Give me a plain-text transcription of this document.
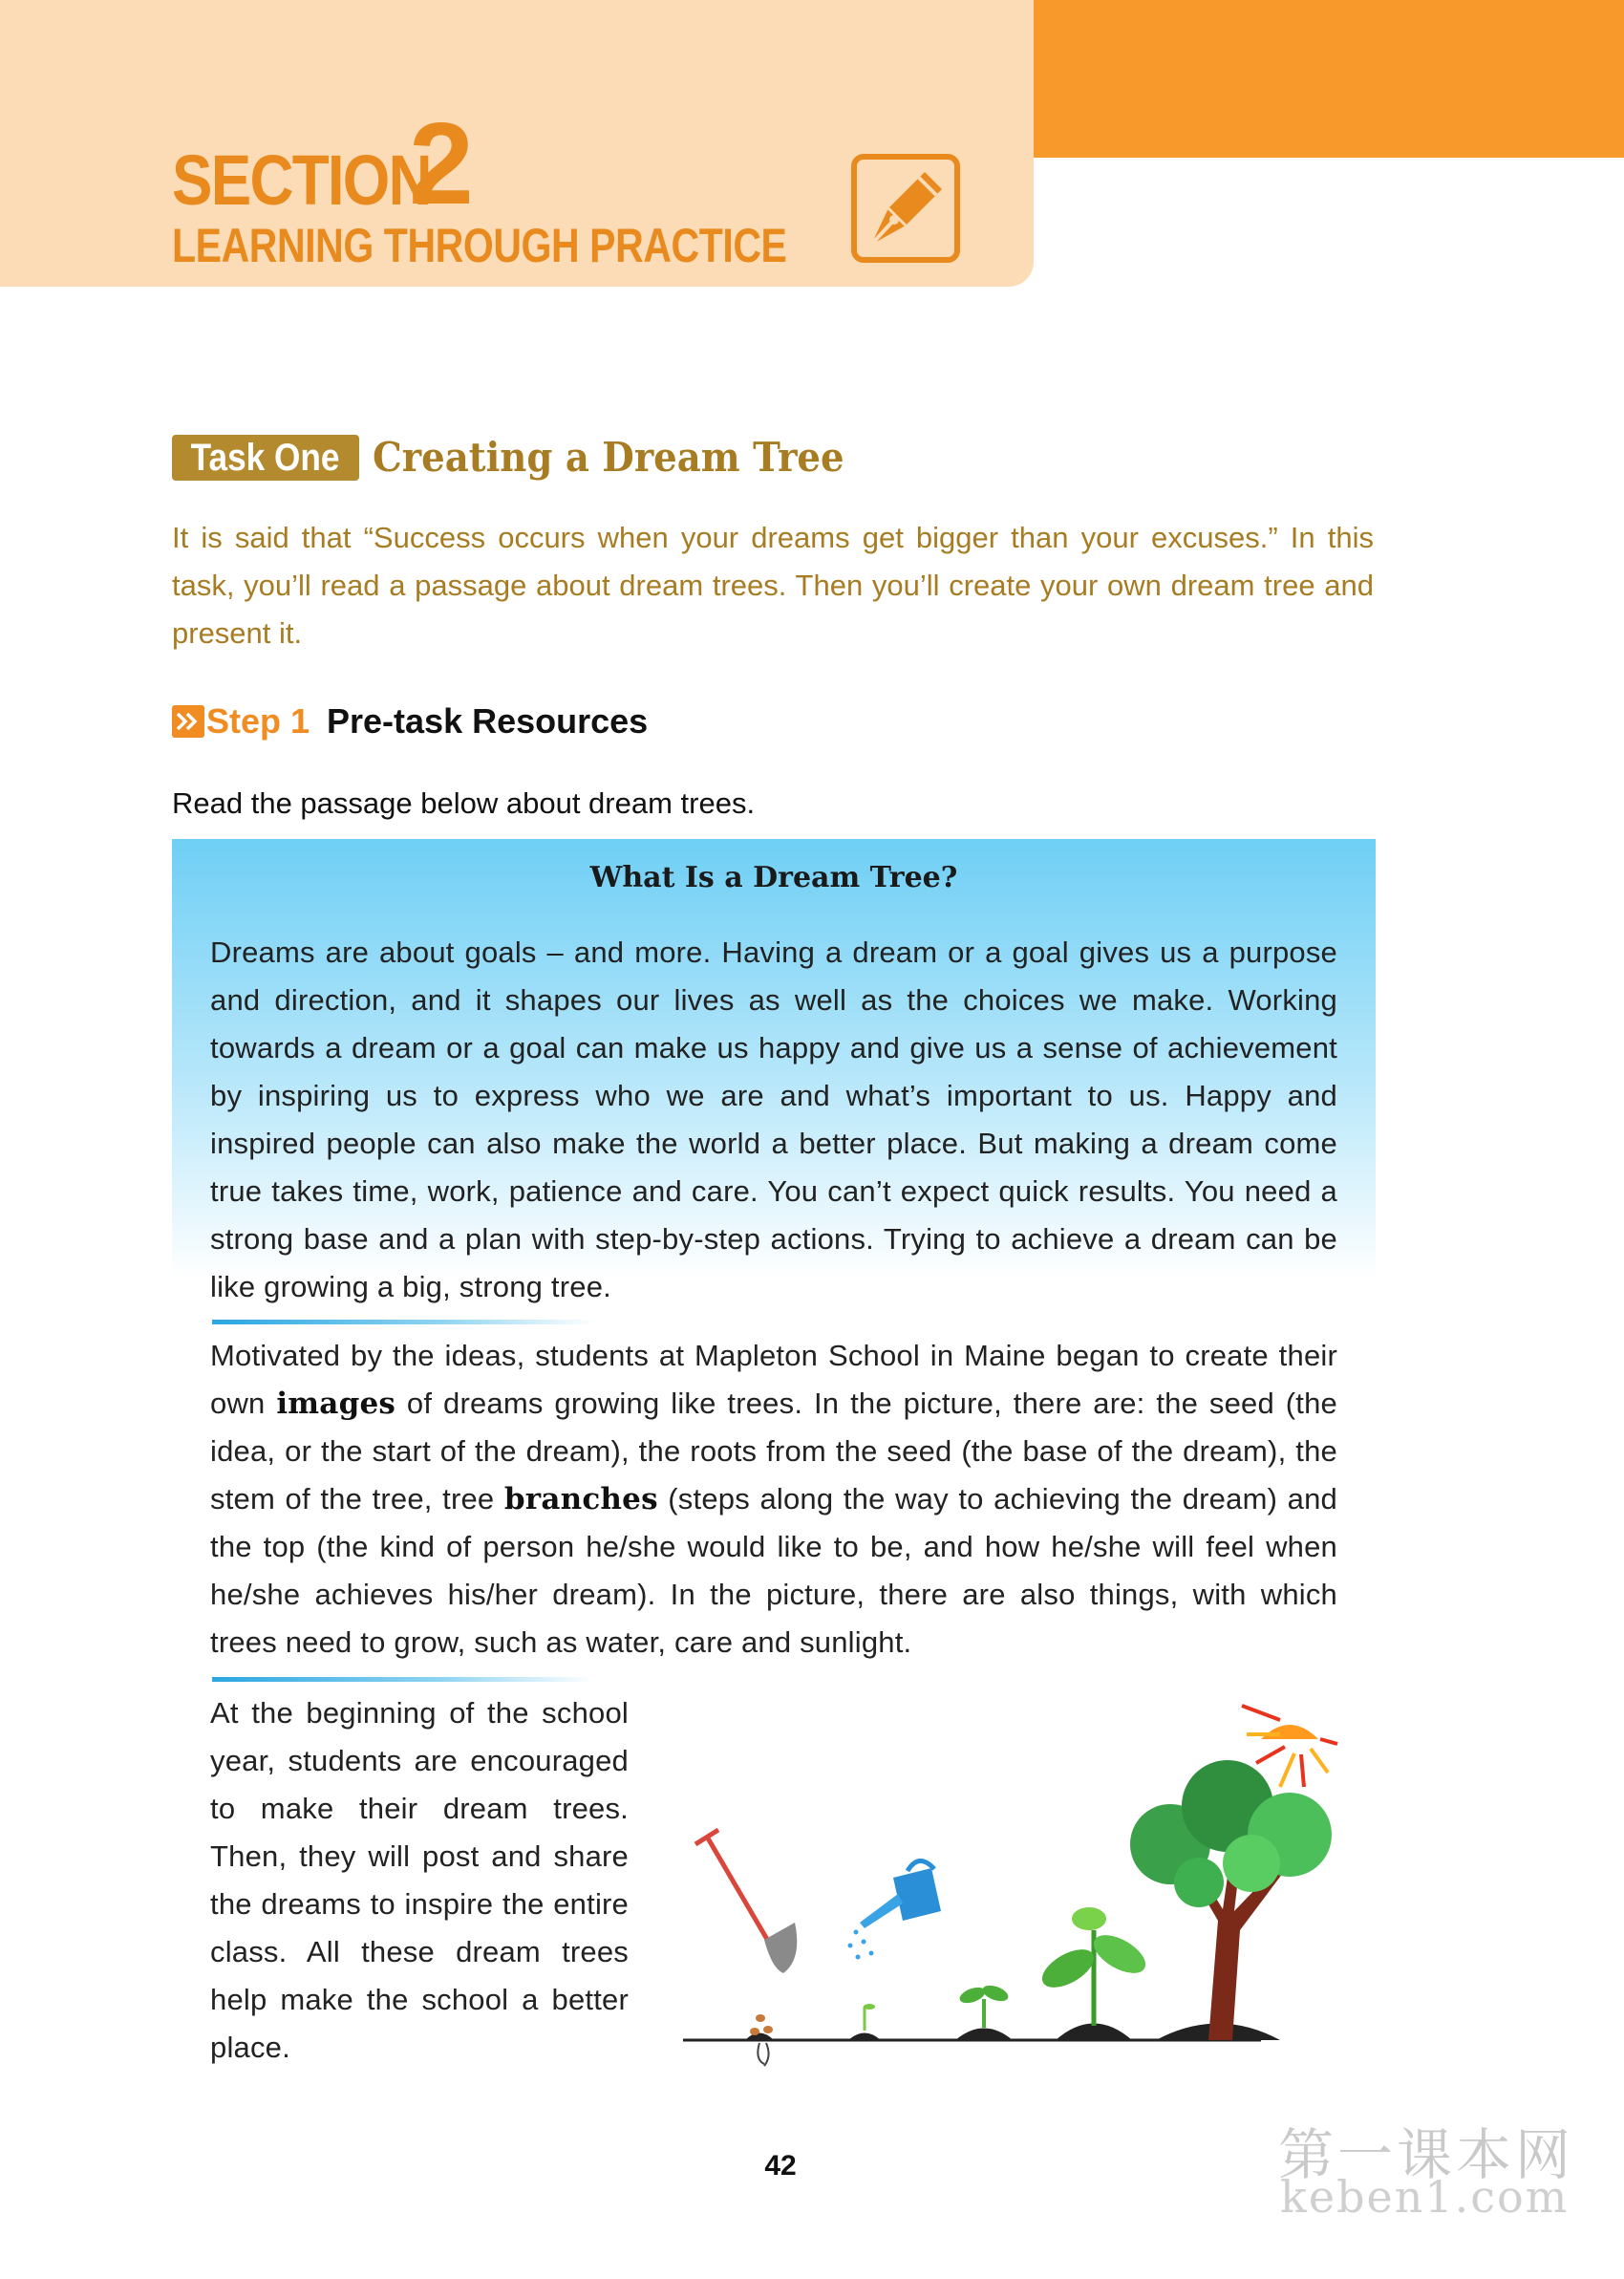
SECTION
2
LEARNING THROUGH PRACTICE
Task One Creating a Dream Tree
It is said that “Success occurs when your dreams get bigger than your excuses.” In this task, you’ll read a passage about dream trees. Then you’ll create your own dream tree and present it.
Step 1 Pre-task Resources
Read the passage below about dream trees.
What Is a Dream Tree?
Dreams are about goals – and more. Having a dream or a goal gives us a purpose and direction, and it shapes our lives as well as the choices we make. Working towards a dream or a goal can make us happy and give us a sense of achievement by inspiring us to express who we are and what’s important to us. Happy and inspired people can also make the world a better place. But making a dream come true takes time, work, patience and care. You can’t expect quick results. You need a strong base and a plan with step-by-step actions. Trying to achieve a dream can be like growing a big, strong tree.
Motivated by the ideas, students at Mapleton School in Maine began to create their own images of dreams growing like trees. In the picture, there are: the seed (the idea, or the start of the dream), the roots from the seed (the base of the dream), the stem of the tree, tree branches (steps along the way to achieving the dream) and the top (the kind of person he/she would like to be, and how he/she will feel when he/she achieves his/her dream). In the picture, there are also things, with which trees need to grow, such as water, care and sunlight.
At the beginning of the school year, students are encouraged to make their dream trees. Then, they will post and share the dreams to inspire the entire class. All these dream trees help make the school a better place.
42	第一课本网
keben1.com
